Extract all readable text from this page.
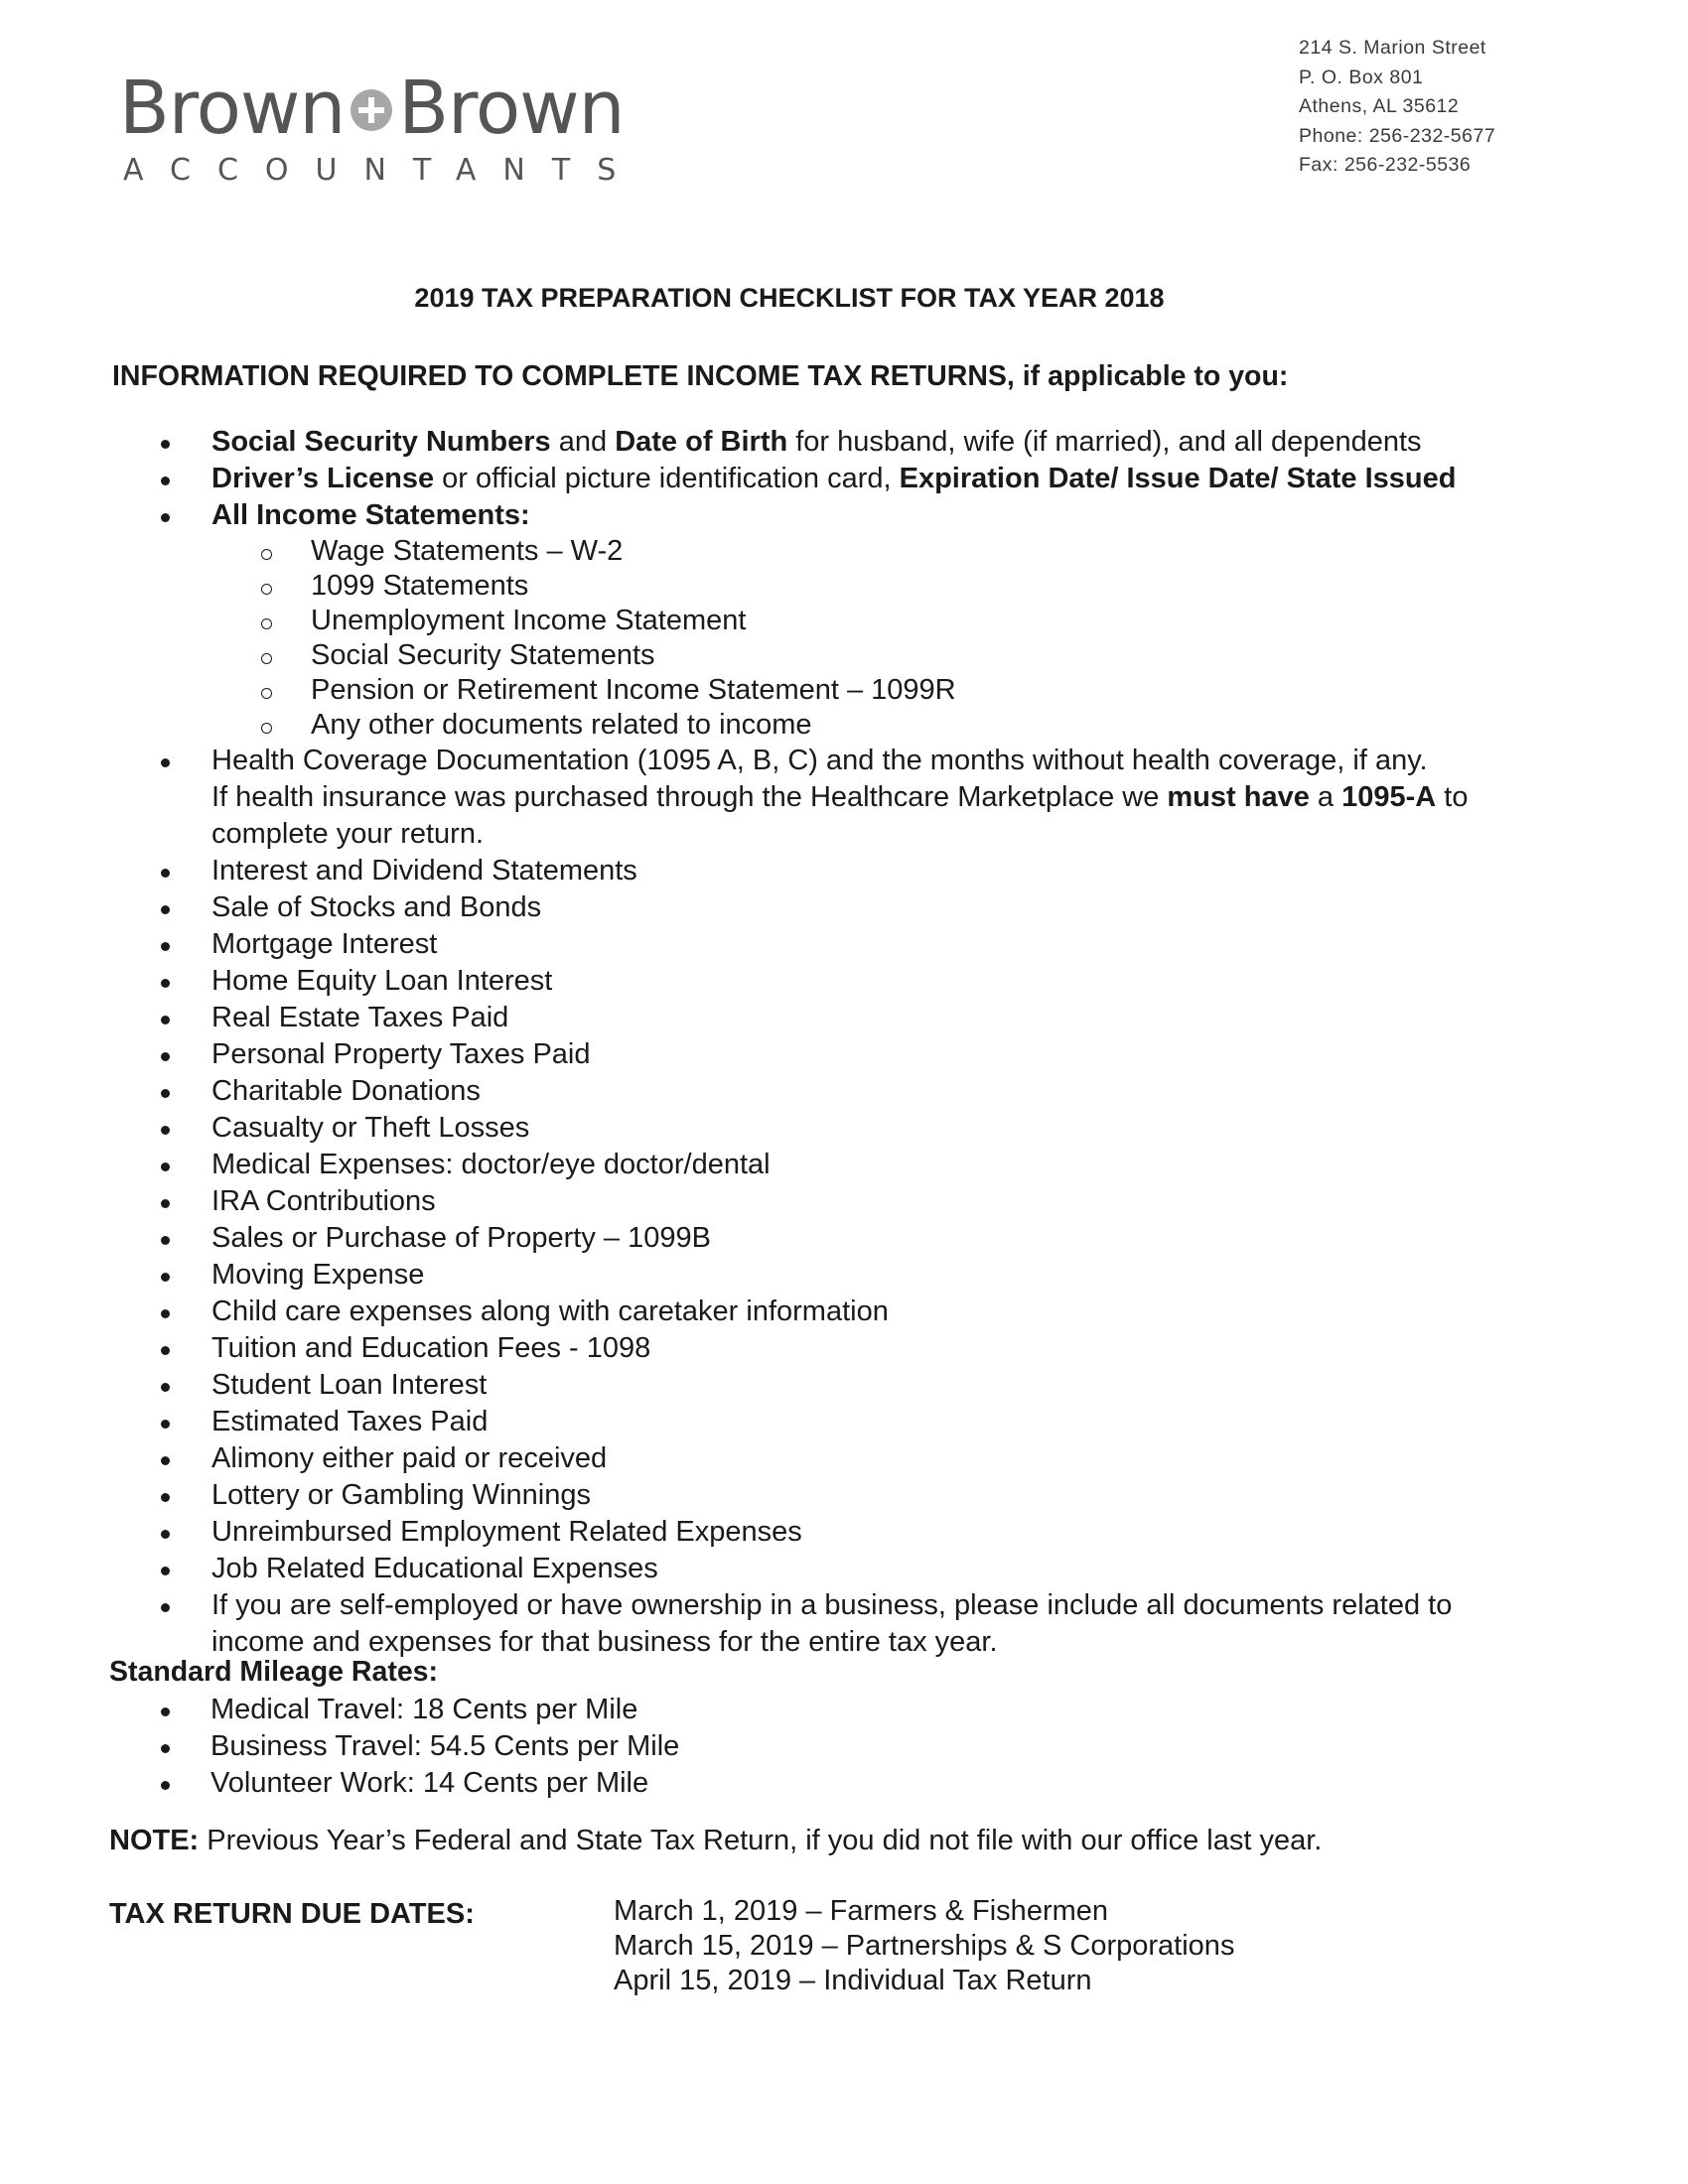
Brown Brown
ACCOUNTANTS
214 S. Marion Street
P. O. Box 801
Athens, AL 35612
Phone: 256-232-5677
Fax: 256-232-5536
2019 TAX PREPARATION CHECKLIST FOR TAX YEAR 2018
INFORMATION REQUIRED TO COMPLETE INCOME TAX RETURNS, if applicable to you:
Social Security Numbers and Date of Birth for husband, wife (if married), and all dependents
Driver’s License or official picture identification card, Expiration Date/ Issue Date/ State Issued
All Income Statements:
Wage Statements – W-2
1099 Statements
Unemployment Income Statement
Social Security Statements
Pension or Retirement Income Statement – 1099R
Any other documents related to income
Health Coverage Documentation (1095 A, B, C) and the months without health coverage, if any.
If health insurance was purchased through the Healthcare Marketplace we must have a 1095-A to
complete your return.
Interest and Dividend Statements
Sale of Stocks and Bonds
Mortgage Interest
Home Equity Loan Interest
Real Estate Taxes Paid
Personal Property Taxes Paid
Charitable Donations
Casualty or Theft Losses
Medical Expenses: doctor/eye doctor/dental
IRA Contributions
Sales or Purchase of Property – 1099B
Moving Expense
Child care expenses along with caretaker information
Tuition and Education Fees - 1098
Student Loan Interest
Estimated Taxes Paid
Alimony either paid or received
Lottery or Gambling Winnings
Unreimbursed Employment Related Expenses
Job Related Educational Expenses
If you are self-employed or have ownership in a business, please include all documents related to
income and expenses for that business for the entire tax year.
Standard Mileage Rates:
Medical Travel: 18 Cents per Mile
Business Travel: 54.5 Cents per Mile
Volunteer Work: 14 Cents per Mile
NOTE: Previous Year’s Federal and State Tax Return, if you did not file with our office last year.
TAX RETURN DUE DATES:	March 1, 2019 – Farmers & Fishermen
March 15, 2019 – Partnerships & S Corporations
April 15, 2019 – Individual Tax Return
